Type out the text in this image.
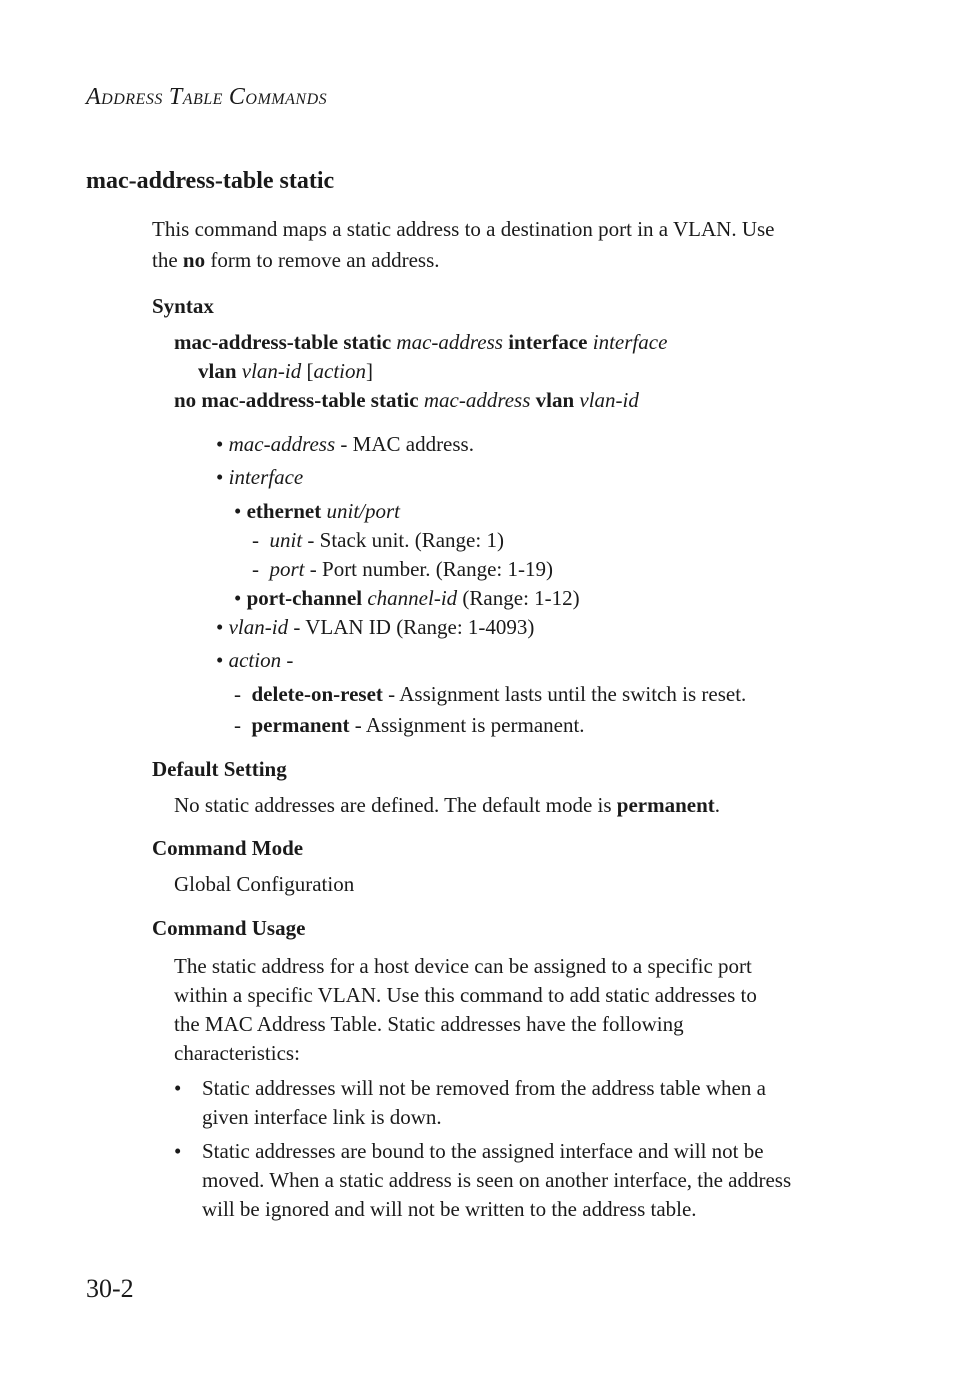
ADDRESS TABLE COMMANDS
mac-address-table static
This command maps a static address to a destination port in a VLAN. Use
the no form to remove an address.
Syntax
mac-address-table static mac-address interface interface
vlan vlan-id [action]
no mac-address-table static mac-address vlan vlan-id
• mac-address - MAC address.
• interface
• ethernet unit/port
- unit - Stack unit. (Range: 1)
- port - Port number. (Range: 1-19)
• port-channel channel-id (Range: 1-12)
• vlan-id - VLAN ID (Range: 1-4093)
• action -
- delete-on-reset - Assignment lasts until the switch is reset.
- permanent - Assignment is permanent.
Default Setting
No static addresses are defined. The default mode is permanent.
Command Mode
Global Configuration
Command Usage
The static address for a host device can be assigned to a specific port
within a specific VLAN. Use this command to add static addresses to
the MAC Address Table. Static addresses have the following
characteristics:
• Static addresses will not be removed from the address table when a
given interface link is down.
• Static addresses are bound to the assigned interface and will not be
moved. When a static address is seen on another interface, the address
will be ignored and will not be written to the address table.
30-2
